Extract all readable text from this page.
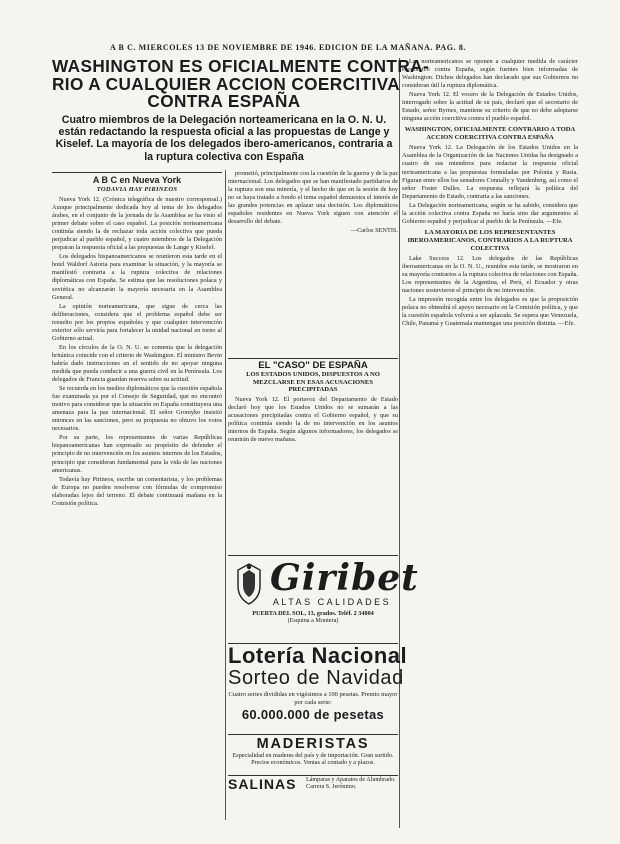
A B C. MIERCOLES 13 DE NOVIEMBRE DE 1946. EDICION DE LA MAÑANA. PAG. 8.
WASHINGTON ES OFICIALMENTE CONTRA-
RIO A CUALQUIER ACCION COERCITIVA
CONTRA ESPAÑA
Cuatro miembros de la Delegación norteamericana en la O. N. U. están redactando la respuesta oficial a las propuestas de Lange y Kiselef. La mayoría de los delegados ibero-americanos, contraria a la ruptura colectiva con España
A B C en Nueva York
TODAVIA HAY PIRINEOS

Nueva York 12. (Crónica telegráfica de nuestro corresponsal.) Aunque principalmente dedicada hoy al tema de los delegados árabes, en el conjunto de la jornada de la Asamblea se ha visto el primer debate sobre el caso español. La posición norteamericana continúa siendo la de rechazar toda acción colectiva que pueda perjudicar al pueblo español, y cuatro miembros de la Delegación preparan la respuesta oficial a las propuestas de Lange y Kiselef.

Los delegados hispanoamericanos se reunieron esta tarde en el hotel Waldorf Astoria para examinar la situación, y la mayoría se manifestó contraria a la ruptura colectiva de relaciones diplomáticas con España. Se estima que las resoluciones polaca y soviética no alcanzarán la mayoría necesaria en la Asamblea General.

La opinión norteamericana, que sigue de cerca las deliberaciones, considera que el problema español debe ser resuelto por los propios españoles y que cualquier intervención exterior sólo serviría para fortalecer la unidad nacional en torno al Gobierno actual.

En los círculos de la O. N. U. se comenta que la delegación británica coincide con el criterio de Washington. El ministro Bevin habría dado instrucciones en el sentido de no apoyar ninguna medida que pueda conducir a una guerra civil en la Península. Los delegados de Francia guardan reserva sobre su actitud.

Se recuerda en los medios diplomáticos que la cuestión española fue examinada ya por el Consejo de Seguridad, que no encontró motivo para considerar que la situación en España constituyera una amenaza para la paz internacional. El señor Gromyko insistió entonces en las sanciones, pero su propuesta no obtuvo los votos necesarios.

Por su parte, los representantes de varias Repúblicas hispanoamericanas han expresado su propósito de defender el principio de no intervención en los asuntos internos de los Estados, principio que consideran fundamental para la vida de las naciones americanas.

Todavía hay Pirineos, escribe un comentarista, y los problemas de Europa no pueden resolverse con fórmulas de compromiso elaboradas lejos del terreno. El debate continuará mañana en la Comisión política.

prometió, principalmente con la cuestión de la guerra y de la paz internacional. Los delegados que se han manifestado partidarios de la ruptura son una minoría, y el hecho de que en la sesión de hoy no se haya tratado a fondo el tema español demuestra el interés de las grandes potencias en aplazar una decisión. Los diplomáticos españoles residentes en Nueva York siguen con atención el desarrollo del debate.

—Carlos SENTIS.

EL "CASO" DE ESPAÑA
LOS ESTADOS UNIDOS, DISPUESTOS A NO MEZCLARSE EN ESAS ACUSACIONES PRECIPITADAS
Nueva York 12. El portavoz del Departamento de Estado declaró hoy que los Estados Unidos no se sumarán a las acusaciones precipitadas contra el Gobierno español, y que su política continúa siendo la de no intervención en los asuntos internos de España. Según algunos informadores, los delegados se reunirán de nuevo mañana.
Giribet
ALTAS CALIDADES
PUERTA DEL SOL, 13, grados. Teléf. 2 34804
(Esquina a Montera)
Lotería Nacional
Sorteo de Navidad
Cuatro series divididas en vigésimos a 100 pesetas. Premio mayor por cada serie:
60.000.000 de pesetas
MADERISTAS
Especialidad en maderas del país y de importación. Gran surtido. Precios económicos. Ventas al contado y a plazos.
SALINAS Lámparas y Aparatos de Alumbrado. Carrera S. Jerónimo.

Los norteamericanos se oponen a cualquier medida de carácter económico contra España, según fuentes bien informadas de Washington. Dichos delegados han declarado que sus Gobiernos no consideran útil la ruptura diplomática.

Nueva York 12. El vocero de la Delegación de Estados Unidos, interrogado sobre la actitud de su país, declaró que el secretario de Estado, señor Byrnes, mantiene su criterio de que no debe adoptarse ninguna acción coercitiva contra el pueblo español.

WASHINGTON, OFICIALMENTE CONTRARIO A TODA ACCION COERCITIVA CONTRA ESPAÑA

Nueva York 12. La Delegación de los Estados Unidos en la Asamblea de la Organización de las Naciones Unidas ha designado a cuatro de sus miembros para redactar la respuesta oficial norteamericana a las propuestas formuladas por Polonia y Rusia. Figuran entre ellos los senadores Connally y Vandenberg, así como el señor Foster Dulles. La respuesta reflejará la política del Departamento de Estado, contraria a las sanciones.

La Delegación norteamericana, según se ha sabido, considera que la acción colectiva contra España no haría sino dar argumentos al Gobierno español y perjudicar al pueblo de la Península. —Efe.

LA MAYORIA DE LOS REPRESENTANTES IBEROAMERICANOS, CONTRARIOS A LA RUPTURA COLECTIVA

Lake Success 12. Los delegados de las Repúblicas iberoamericanas en la O. N. U., reunidos esta tarde, se mostraron en su mayoría contrarios a la ruptura colectiva de relaciones con España. Los representantes de la Argentina, el Perú, el Ecuador y otras naciones sostuvieron el principio de no intervención.

La impresión recogida entre los delegados es que la proposición polaca no obtendrá el apoyo necesario en la Comisión política, y que la cuestión española volverá a ser aplazada. Se espera que Venezuela, Chile, Panamá y Guatemala mantengan una posición distinta. —Efe.
